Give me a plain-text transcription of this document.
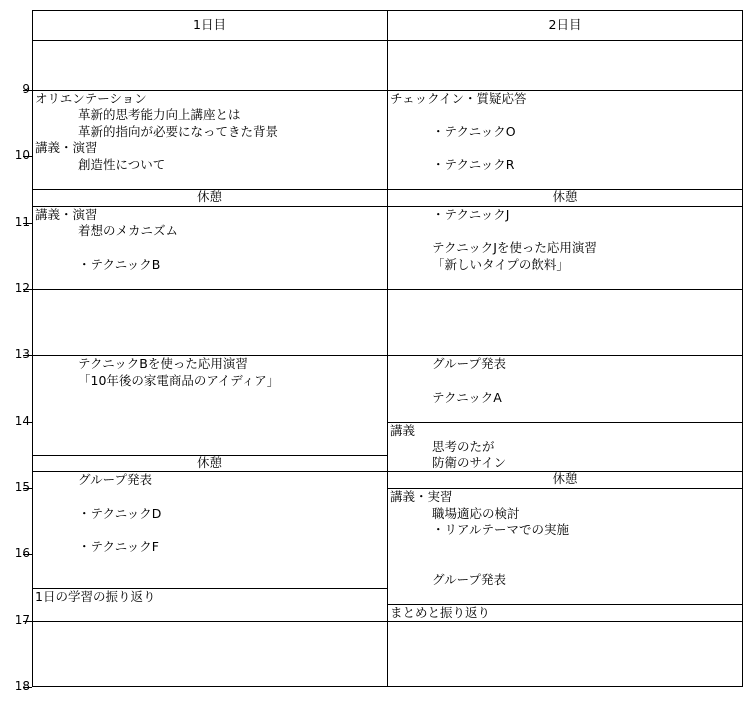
1日目	2日目
9
10
11
12
13
14
15
16
17
18
オリエンテーション
革新的思考能力向上講座とは
革新的指向が必要になってきた背景
講義・演習
創造性について
休憩
講義・演習
着想のメカニズム
・テクニックB
テクニックBを使った応用演習
「10年後の家電商品のアイディア」
休憩
グループ発表
・テクニックD
・テクニックF
1日の学習の振り返り
チェックイン・質疑応答
・テクニックO
・テクニックR
休憩
・テクニックJ
テクニックJを使った応用演習
「新しいタイプの飲料」
グループ発表
テクニックA
講義
思考のたが
防衛のサイン
休憩
講義・実習
職場適応の検討
・リアルテーマでの実施
グループ発表
まとめと振り返り
